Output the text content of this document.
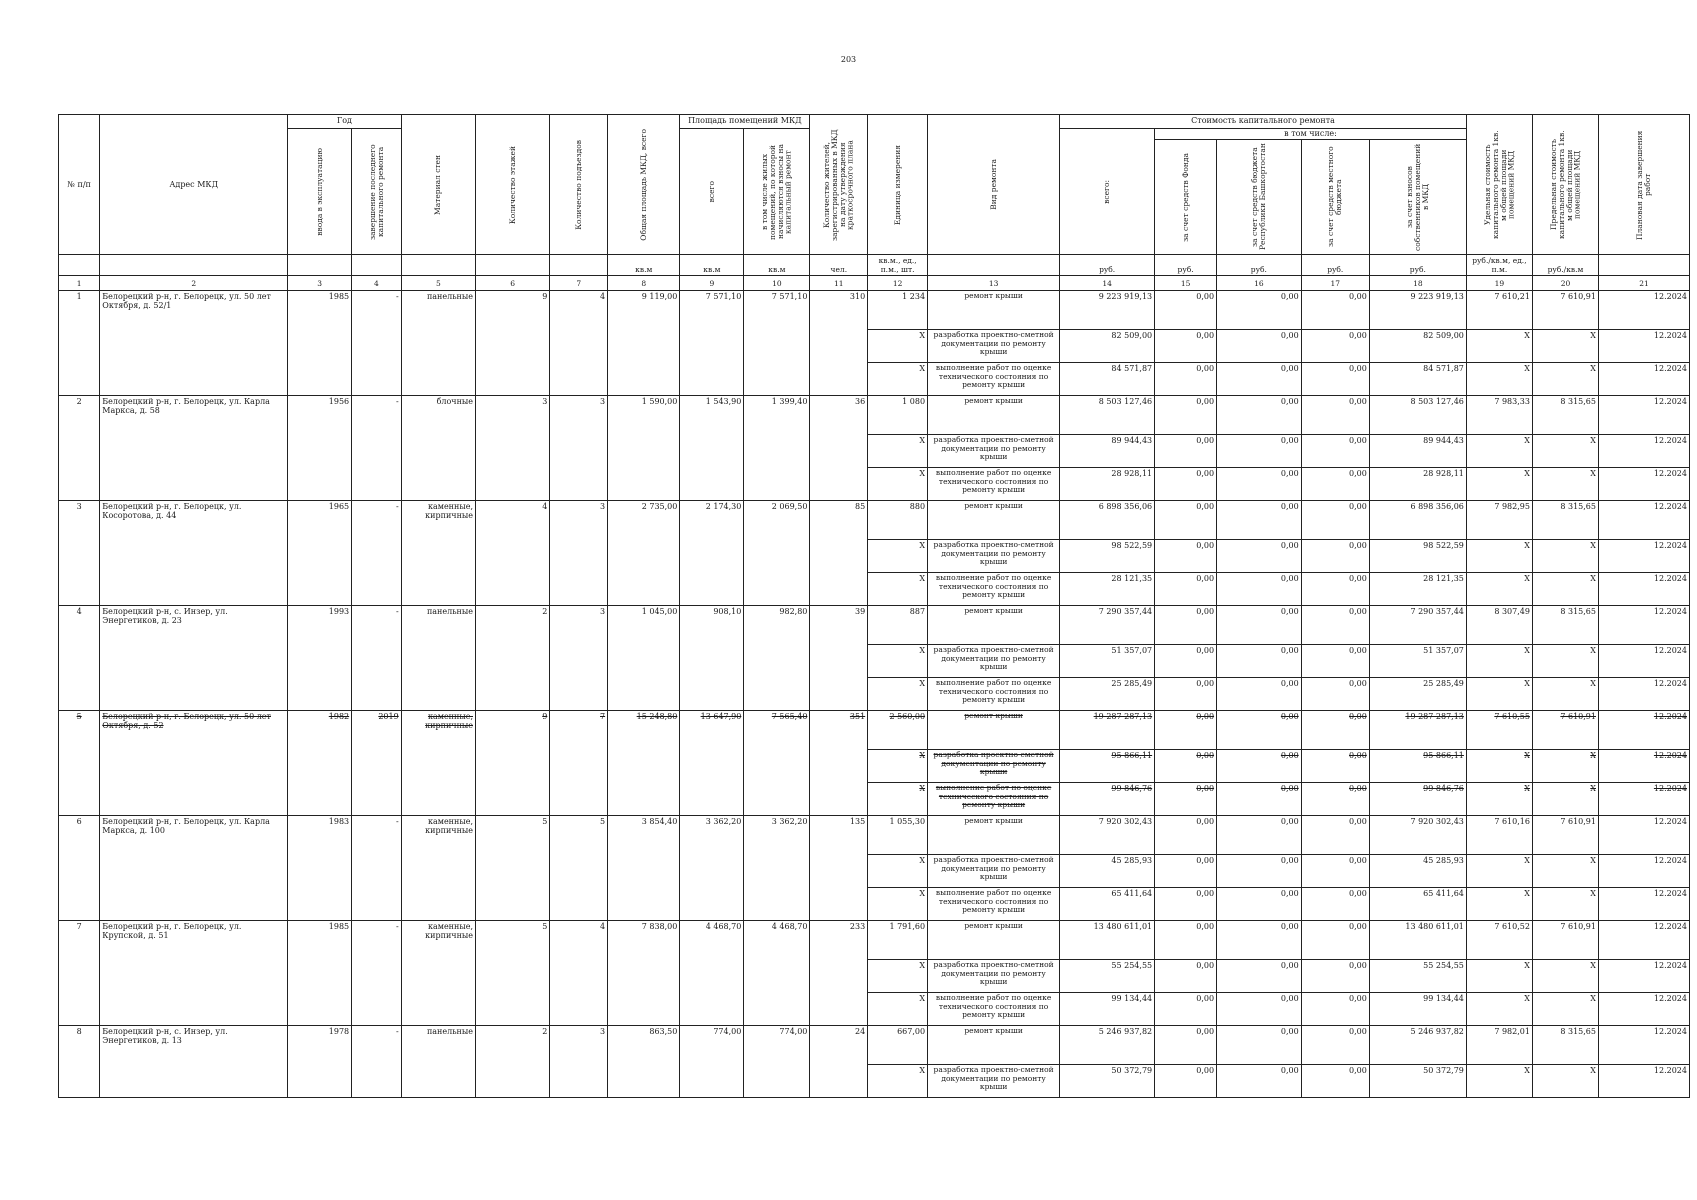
203
№ п/п	Адрес МКД	Год		Материал стен	Количество этажей	Количество подъездов	Общая площадь МКД, всего	Площадь помещений МКД		Количество жителей, зарегистрированных в МКД на дату утверждения краткосрочного плана	Единица измерения	Вид ремонта	Стоимость капитального ремонта					Удельная стоимость капитального ремонта 1кв. м общей площади помещений МКД	Предельная стоимость капитального ремонта 1кв. м общей площади помещений МКД	Плановая дата завершения работ

		ввода в эксплуатацию	завершение последнего капитального ремонта					всего	в том числе жилых помещений, по которой начисляются взносы на капитальный ремонт				всего:	в том числе:						

														за счет средств Фонда	за счет средств бюджета Республики Башкортостан	за счет средств местного бюджета	за счет взносов собственников помещений в МКД			

							кв.м	кв.м	кв.м	чел.	кв.м., ед., п.м., шт.		руб.	руб.	руб.	руб.	руб.	руб./кв.м, ед., п.м.	руб./кв.м	
1	2	3	4	5	6	7	8	9	10	11	12	13	14	15	16	17	18	19	20	21
1	Белорецкий р-н, г. Белорецк, ул. 50 лет Октября, д. 52/1	1985	-	панельные	9	4	9 119,00	7 571,10	7 571,10	310	1 234	ремонт крыши	9 223 919,13	0,00	0,00	0,00	9 223 919,13	7 610,21	7 610,91	12.2024
											X	разработка проектно-сметной документации по ремонту крыши	82 509,00	0,00	0,00	0,00	82 509,00	X	X	12.2024
											X	выполнение работ по оценке технического состояния по ремонту крыши	84 571,87	0,00	0,00	0,00	84 571,87	X	X	12.2024
2	Белорецкий р-н, г. Белорецк, ул. Карла Маркса, д. 58	1956	-	блочные	3	3	1 590,00	1 543,90	1 399,40	36	1 080	ремонт крыши	8 503 127,46	0,00	0,00	0,00	8 503 127,46	7 983,33	8 315,65	12.2024
											X	разработка проектно-сметной документации по ремонту крыши	89 944,43	0,00	0,00	0,00	89 944,43	X	X	12.2024
											X	выполнение работ по оценке технического состояния по ремонту крыши	28 928,11	0,00	0,00	0,00	28 928,11	X	X	12.2024
3	Белорецкий р-н, г. Белорецк, ул. Косоротова, д. 44	1965	-	каменные, кирпичные	4	3	2 735,00	2 174,30	2 069,50	85	880	ремонт крыши	6 898 356,06	0,00	0,00	0,00	6 898 356,06	7 982,95	8 315,65	12.2024
											X	разработка проектно-сметной документации по ремонту крыши	98 522,59	0,00	0,00	0,00	98 522,59	X	X	12.2024
											X	выполнение работ по оценке технического состояния по ремонту крыши	28 121,35	0,00	0,00	0,00	28 121,35	X	X	12.2024
4	Белорецкий р-н, с. Инзер, ул. Энергетиков, д. 23	1993	-	панельные	2	3	1 045,00	908,10	982,80	39	887	ремонт крыши	7 290 357,44	0,00	0,00	0,00	7 290 357,44	8 307,49	8 315,65	12.2024
											X	разработка проектно-сметной документации по ремонту крыши	51 357,07	0,00	0,00	0,00	51 357,07	X	X	12.2024
											X	выполнение работ по оценке технического состояния по ремонту крыши	25 285,49	0,00	0,00	0,00	25 285,49	X	X	12.2024
5	Белорецкий р-н, г. Белорецк, ул. 50 лет Октября, д. 52	1982	2019	каменные, кирпичные	9	7	15 248,80	13 647,90	7 565,40	351	2 560,00	ремонт крыши	19 287 287,13	0,00	0,00	0,00	19 287 287,13	7 610,55	7 610,91	12.2024
											X	разработка проектно-сметной документации по ремонту крыши	95 866,11	0,00	0,00	0,00	95 866,11	X	X	12.2024
											X	выполнение работ по оценке технического состояния по ремонту крыши	99 846,76	0,00	0,00	0,00	99 846,76	X	X	12.2024
6	Белорецкий р-н, г. Белорецк, ул. Карла Маркса, д. 100	1983	-	каменные, кирпичные	5	5	3 854,40	3 362,20	3 362,20	135	1 055,30	ремонт крыши	7 920 302,43	0,00	0,00	0,00	7 920 302,43	7 610,16	7 610,91	12.2024
											X	разработка проектно-сметной документации по ремонту крыши	45 285,93	0,00	0,00	0,00	45 285,93	X	X	12.2024
											X	выполнение работ по оценке технического состояния по ремонту крыши	65 411,64	0,00	0,00	0,00	65 411,64	X	X	12.2024
7	Белорецкий р-н, г. Белорецк, ул. Крупской, д. 51	1985	-	каменные, кирпичные	5	4	7 838,00	4 468,70	4 468,70	233	1 791,60	ремонт крыши	13 480 611,01	0,00	0,00	0,00	13 480 611,01	7 610,52	7 610,91	12.2024
											X	разработка проектно-сметной документации по ремонту крыши	55 254,55	0,00	0,00	0,00	55 254,55	X	X	12.2024
											X	выполнение работ по оценке технического состояния по ремонту крыши	99 134,44	0,00	0,00	0,00	99 134,44	X	X	12.2024
8	Белорецкий р-н, с. Инзер, ул. Энергетиков, д. 13	1978	-	панельные	2	3	863,50	774,00	774,00	24	667,00	ремонт крыши	5 246 937,82	0,00	0,00	0,00	5 246 937,82	7 982,01	8 315,65	12.2024
											X	разработка проектно-сметной документации по ремонту крыши	50 372,79	0,00	0,00	0,00	50 372,79	X	X	12.2024
